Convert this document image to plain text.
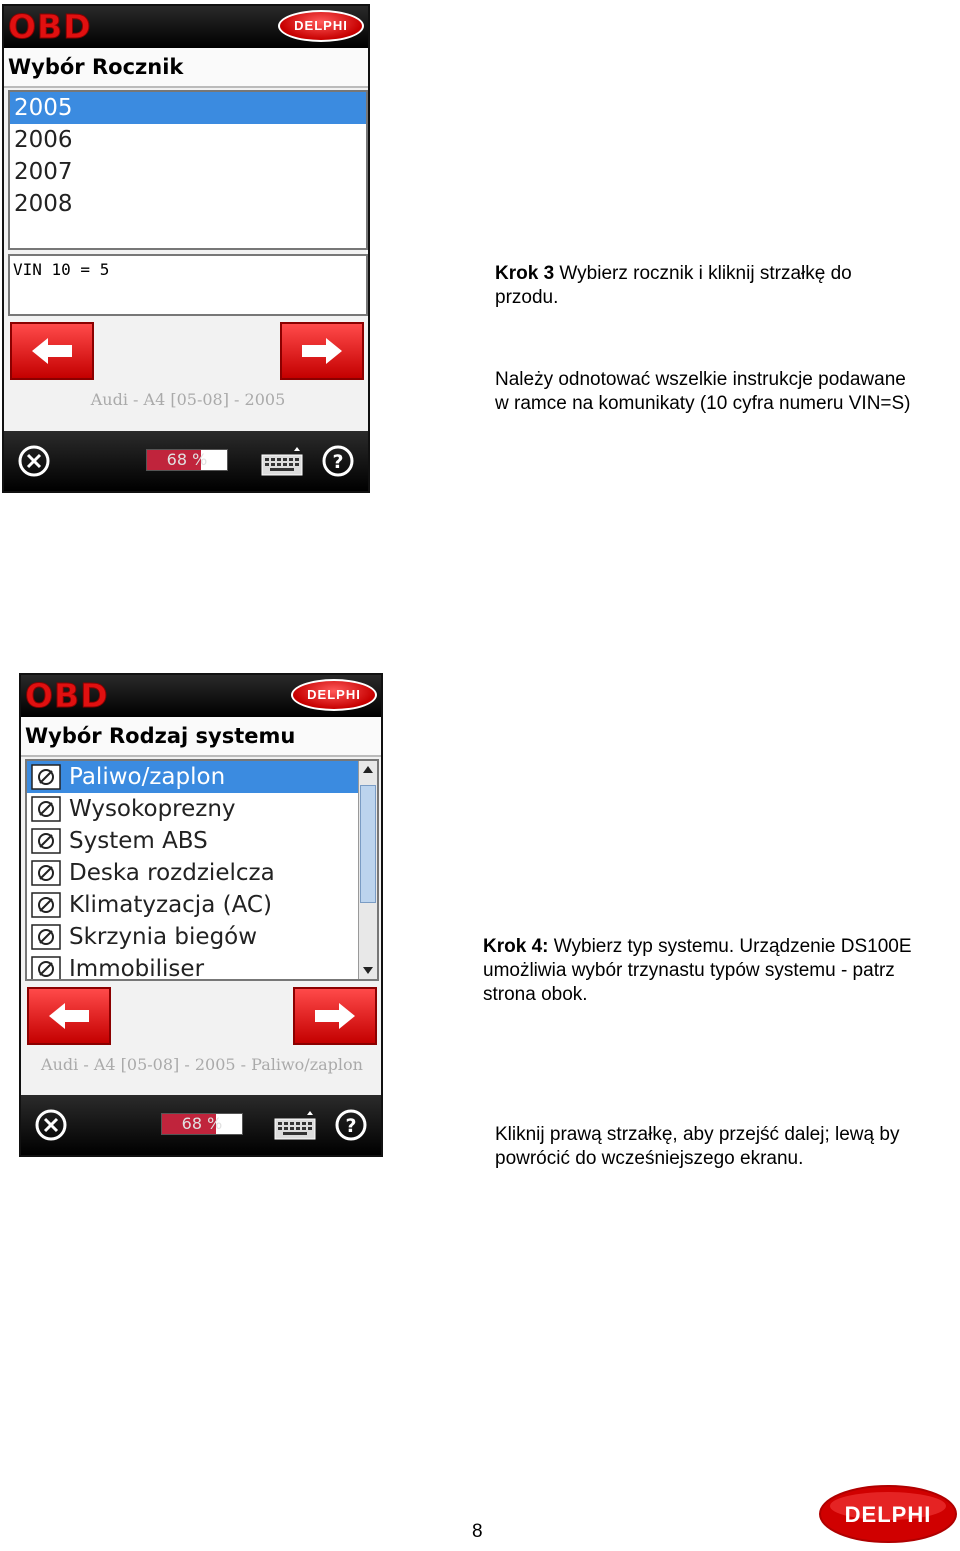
OBD	DELPHI
Wybór Rocznik
2005
2006
2007
2008
VIN 10 = 5
Audi - A4 [05-08] - 2005
68 %	?
OBD	DELPHI
Wybór Rodzaj systemu
Paliwo/zaplon
Wysokoprezny
System ABS
Deska rozdzielcza
Klimatyzacja (AC)
Skrzynia biegów
Immobiliser
Audi - A4 [05-08] - 2005 - Paliwo/zaplon
68 %	?
Krok 3 Wybierz rocznik i kliknij strzałkę do
przodu.
Należy odnotować wszelkie instrukcje podawane
w ramce na komunikaty (10 cyfra numeru VIN=S)
Krok 4: Wybierz typ systemu. Urządzenie DS100E
umożliwia wybór trzynastu typów systemu - patrz
strona obok.
Kliknij prawą strzałkę, aby przejść dalej; lewą by
powrócić do wcześniejszego ekranu.
8
DELPHI
